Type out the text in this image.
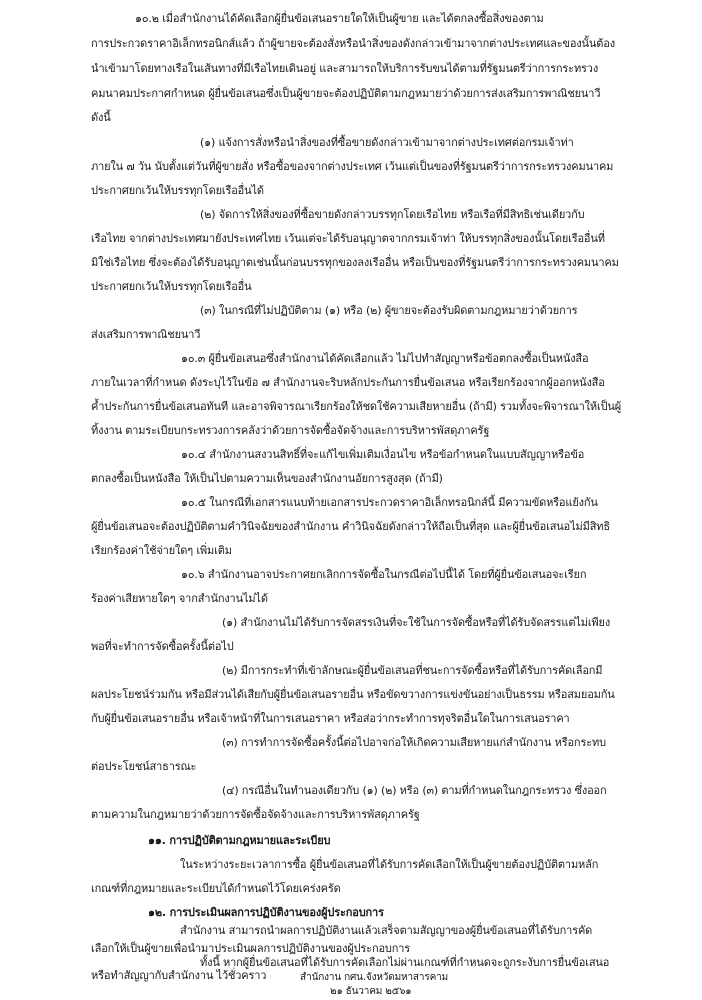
๑๐.๒ เมื่อสำนักงานได้คัดเลือกผู้ยื่นข้อเสนอรายใดให้เป็นผู้ขาย และได้ตกลงซื้อสิ่งของตาม
การประกวดราคาอิเล็กทรอนิกส์แล้ว ถ้าผู้ขายจะต้องสั่งหรือนำสิ่งของดังกล่าวเข้ามาจากต่างประเทศและของนั้นต้อง
นำเข้ามาโดยทางเรือในเส้นทางที่มีเรือไทยเดินอยู่ และสามารถให้บริการรับขนได้ตามที่รัฐมนตรีว่าการกระทรวง
คมนาคมประกาศกำหนด ผู้ยื่นข้อเสนอซึ่งเป็นผู้ขายจะต้องปฏิบัติตามกฎหมายว่าด้วยการส่งเสริมการพาณิชยนาวี
ดังนี้
(๑) แจ้งการสั่งหรือนำสิ่งของที่ซื้อขายดังกล่าวเข้ามาจากต่างประเทศต่อกรมเจ้าท่า
ภายใน ๗ วัน นับตั้งแต่วันที่ผู้ขายสั่ง หรือซื้อของจากต่างประเทศ เว้นแต่เป็นของที่รัฐมนตรีว่าการกระทรวงคมนาคม
ประกาศยกเว้นให้บรรทุกโดยเรืออื่นได้
(๒) จัดการให้สิ่งของที่ซื้อขายดังกล่าวบรรทุกโดยเรือไทย หรือเรือที่มีสิทธิเช่นเดียวกับ
เรือไทย จากต่างประเทศมายังประเทศไทย เว้นแต่จะได้รับอนุญาตจากกรมเจ้าท่า ให้บรรทุกสิ่งของนั้นโดยเรืออื่นที่
มิใช่เรือไทย ซึ่งจะต้องได้รับอนุญาตเช่นนั้นก่อนบรรทุกของลงเรืออื่น หรือเป็นของที่รัฐมนตรีว่าการกระทรวงคมนาคม
ประกาศยกเว้นให้บรรทุกโดยเรืออื่น
(๓) ในกรณีที่ไม่ปฏิบัติตาม (๑) หรือ (๒) ผู้ขายจะต้องรับผิดตามกฎหมายว่าด้วยการ
ส่งเสริมการพาณิชยนาวี
๑๐.๓ ผู้ยื่นข้อเสนอซึ่งสำนักงานได้คัดเลือกแล้ว ไม่ไปทำสัญญาหรือข้อตกลงซื้อเป็นหนังสือ
ภายในเวลาที่กำหนด ดังระบุไว้ในข้อ ๗ สำนักงานจะริบหลักประกันการยื่นข้อเสนอ หรือเรียกร้องจากผู้ออกหนังสือ
ค้ำประกันการยื่นข้อเสนอทันที และอาจพิจารณาเรียกร้องให้ชดใช้ความเสียหายอื่น (ถ้ามี) รวมทั้งจะพิจารณาให้เป็นผู้
ทิ้งงาน ตามระเบียบกระทรวงการคลังว่าด้วยการจัดซื้อจัดจ้างและการบริหารพัสดุภาครัฐ
๑๐.๔ สำนักงานสงวนสิทธิ์ที่จะแก้ไขเพิ่มเติมเงื่อนไข หรือข้อกำหนดในแบบสัญญาหรือข้อ
ตกลงซื้อเป็นหนังสือ ให้เป็นไปตามความเห็นของสำนักงานอัยการสูงสุด (ถ้ามี)
๑๐.๕ ในกรณีที่เอกสารแนบท้ายเอกสารประกวดราคาอิเล็กทรอนิกส์นี้ มีความขัดหรือแย้งกัน
ผู้ยื่นข้อเสนอจะต้องปฏิบัติตามคำวินิจฉัยของสำนักงาน คำวินิจฉัยดังกล่าวให้ถือเป็นที่สุด และผู้ยื่นข้อเสนอไม่มีสิทธิ
เรียกร้องค่าใช้จ่ายใดๆ เพิ่มเติม
๑๐.๖ สำนักงานอาจประกาศยกเลิกการจัดซื้อในกรณีต่อไปนี้ได้ โดยที่ผู้ยื่นข้อเสนอจะเรียก
ร้องค่าเสียหายใดๆ จากสำนักงานไม่ได้
(๑) สำนักงานไม่ได้รับการจัดสรรเงินที่จะใช้ในการจัดซื้อหรือที่ได้รับจัดสรรแต่ไม่เพียง
พอที่จะทำการจัดซื้อครั้งนี้ต่อไป
(๒) มีการกระทำที่เข้าลักษณะผู้ยื่นข้อเสนอที่ชนะการจัดซื้อหรือที่ได้รับการคัดเลือกมี
ผลประโยชน์ร่วมกัน หรือมีส่วนได้เสียกับผู้ยื่นข้อเสนอรายอื่น หรือขัดขวางการแข่งขันอย่างเป็นธรรม หรือสมยอมกัน
กับผู้ยื่นข้อเสนอรายอื่น หรือเจ้าหน้าที่ในการเสนอราคา หรือส่อว่ากระทำการทุจริตอื่นใดในการเสนอราคา
(๓) การทำการจัดซื้อครั้งนี้ต่อไปอาจก่อให้เกิดความเสียหายแก่สำนักงาน หรือกระทบ
ต่อประโยชน์สาธารณะ
(๔) กรณีอื่นในทำนองเดียวกับ (๑) (๒) หรือ (๓) ตามที่กำหนดในกฎกระทรวง ซึ่งออก
ตามความในกฎหมายว่าด้วยการจัดซื้อจัดจ้างและการบริหารพัสดุภาครัฐ
๑๑. การปฏิบัติตามกฎหมายและระเบียบ
ในระหว่างระยะเวลาการซื้อ ผู้ยื่นข้อเสนอที่ได้รับการคัดเลือกให้เป็นผู้ขายต้องปฏิบัติตามหลัก
เกณฑ์ที่กฎหมายและระเบียบได้กำหนดไว้โดยเคร่งครัด
๑๒. การประเมินผลการปฏิบัติงานของผู้ประกอบการ
สำนักงาน สามารถนำผลการปฏิบัติงานแล้วเสร็จตามสัญญาของผู้ยื่นข้อเสนอที่ได้รับการคัด
เลือกให้เป็นผู้ขายเพื่อนำมาประเมินผลการปฏิบัติงานของผู้ประกอบการ
ทั้งนี้ หากผู้ยื่นข้อเสนอที่ได้รับการคัดเลือกไม่ผ่านเกณฑ์ที่กำหนดจะถูกระงับการยื่นข้อเสนอ
หรือทำสัญญากับสำนักงาน ไว้ชั่วคราว	สำนักงาน กศน.จังหวัดมหาสารคาม
๒๑ ธันวาคม ๒๕๖๑
